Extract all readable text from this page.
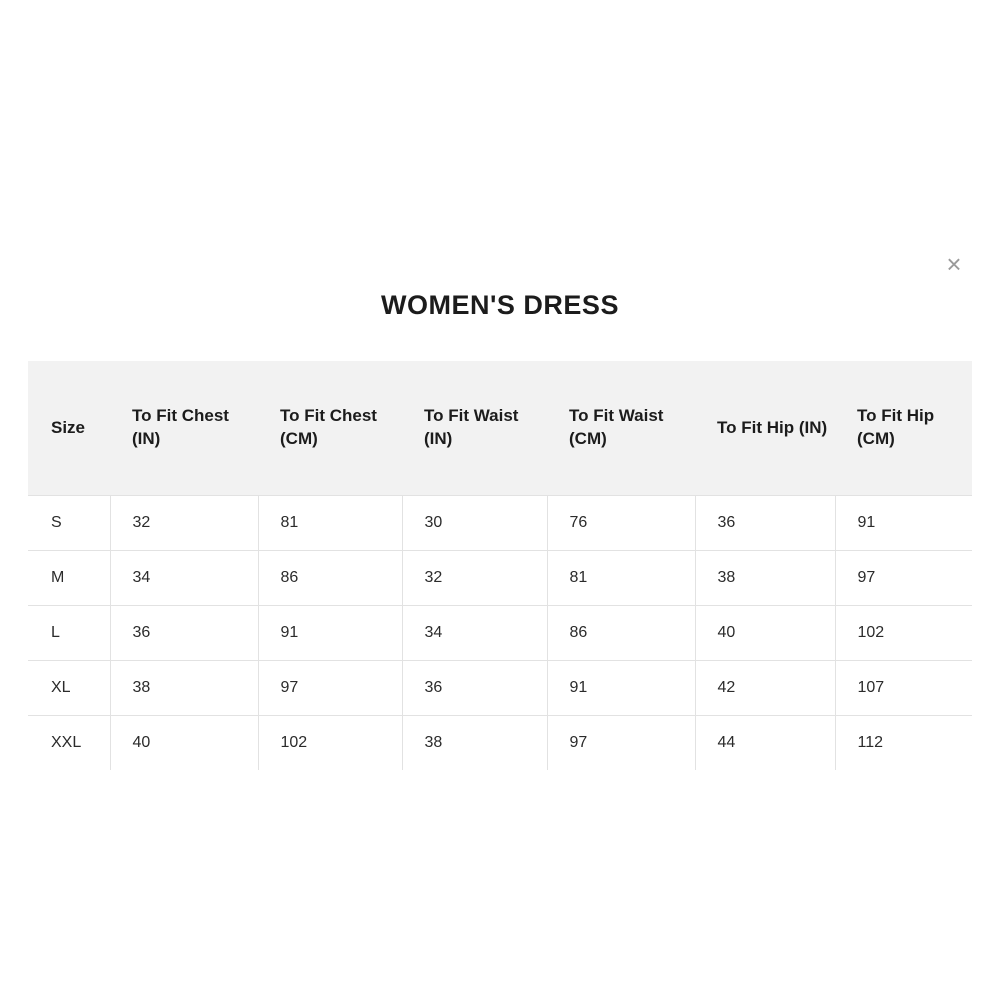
×
WOMEN'S DRESS
Size	To Fit Chest (IN)	To Fit Chest (CM)	To Fit Waist (IN)	To Fit Waist (CM)	To Fit Hip (IN)	To Fit Hip (CM)
S	32	81	30	76	36	91
M	34	86	32	81	38	97
L	36	91	34	86	40	102
XL	38	97	36	91	42	107
XXL	40	102	38	97	44	112
